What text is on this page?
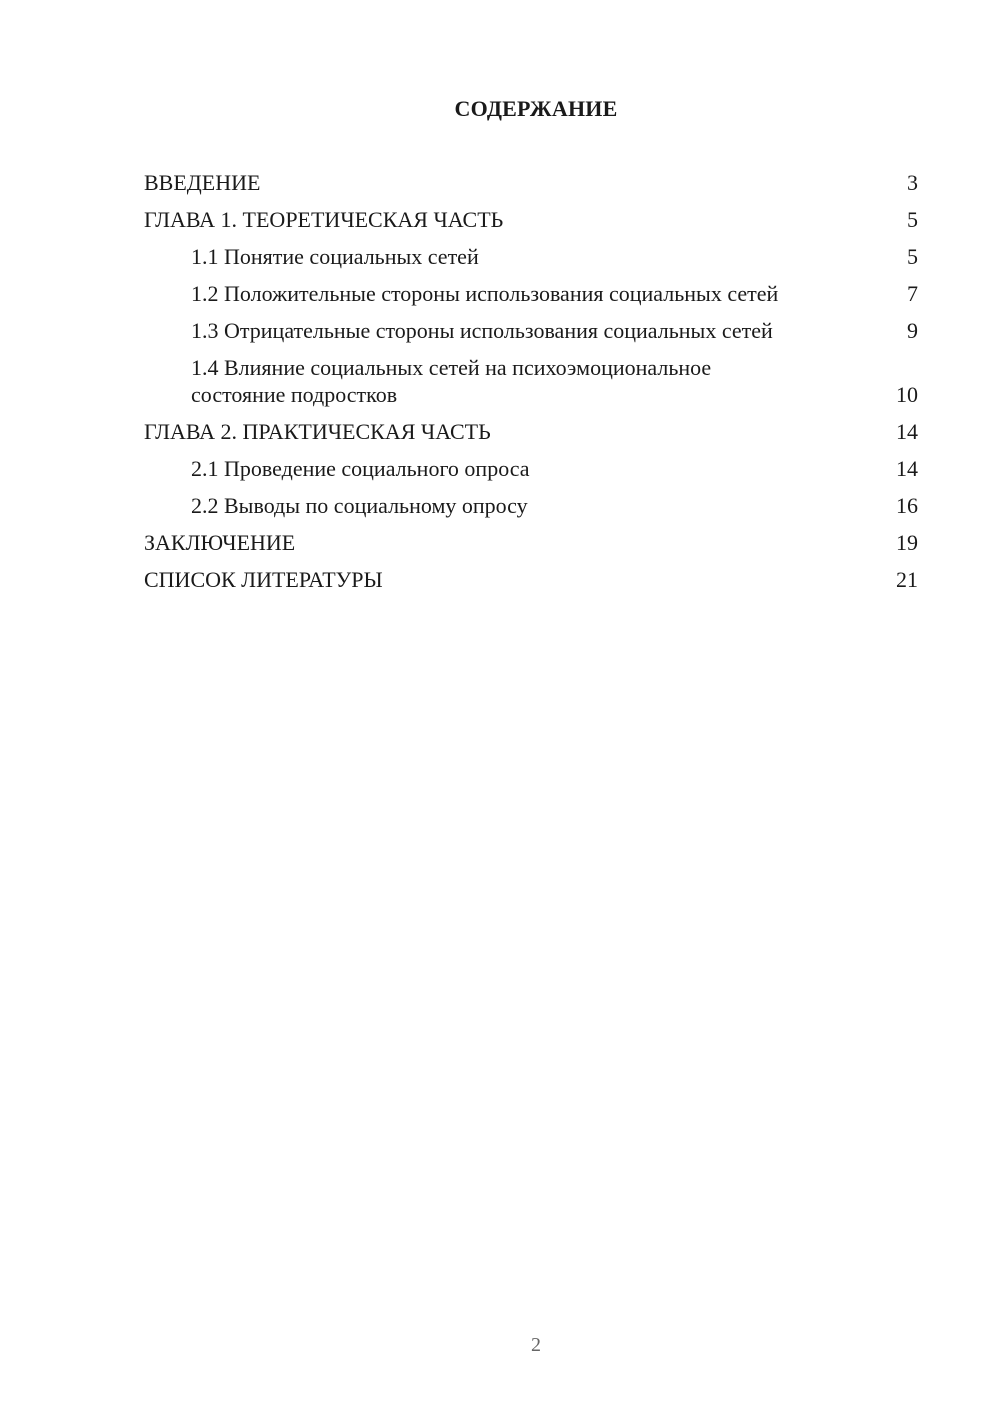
СОДЕРЖАНИЕ
ВВЕДЕНИЕ	3
ГЛАВА 1. ТЕОРЕТИЧЕСКАЯ ЧАСТЬ	5
1.1 Понятие социальных сетей	5
1.2 Положительные стороны использования социальных сетей	7
1.3 Отрицательные стороны использования социальных сетей	9
1.4 Влияние социальных сетей на психоэмоциональное состояние подростков	10
ГЛАВА 2. ПРАКТИЧЕСКАЯ ЧАСТЬ	14
2.1 Проведение социального опроса	14
2.2 Выводы по социальному опросу	16
ЗАКЛЮЧЕНИЕ	19
СПИСОК ЛИТЕРАТУРЫ	21
2
